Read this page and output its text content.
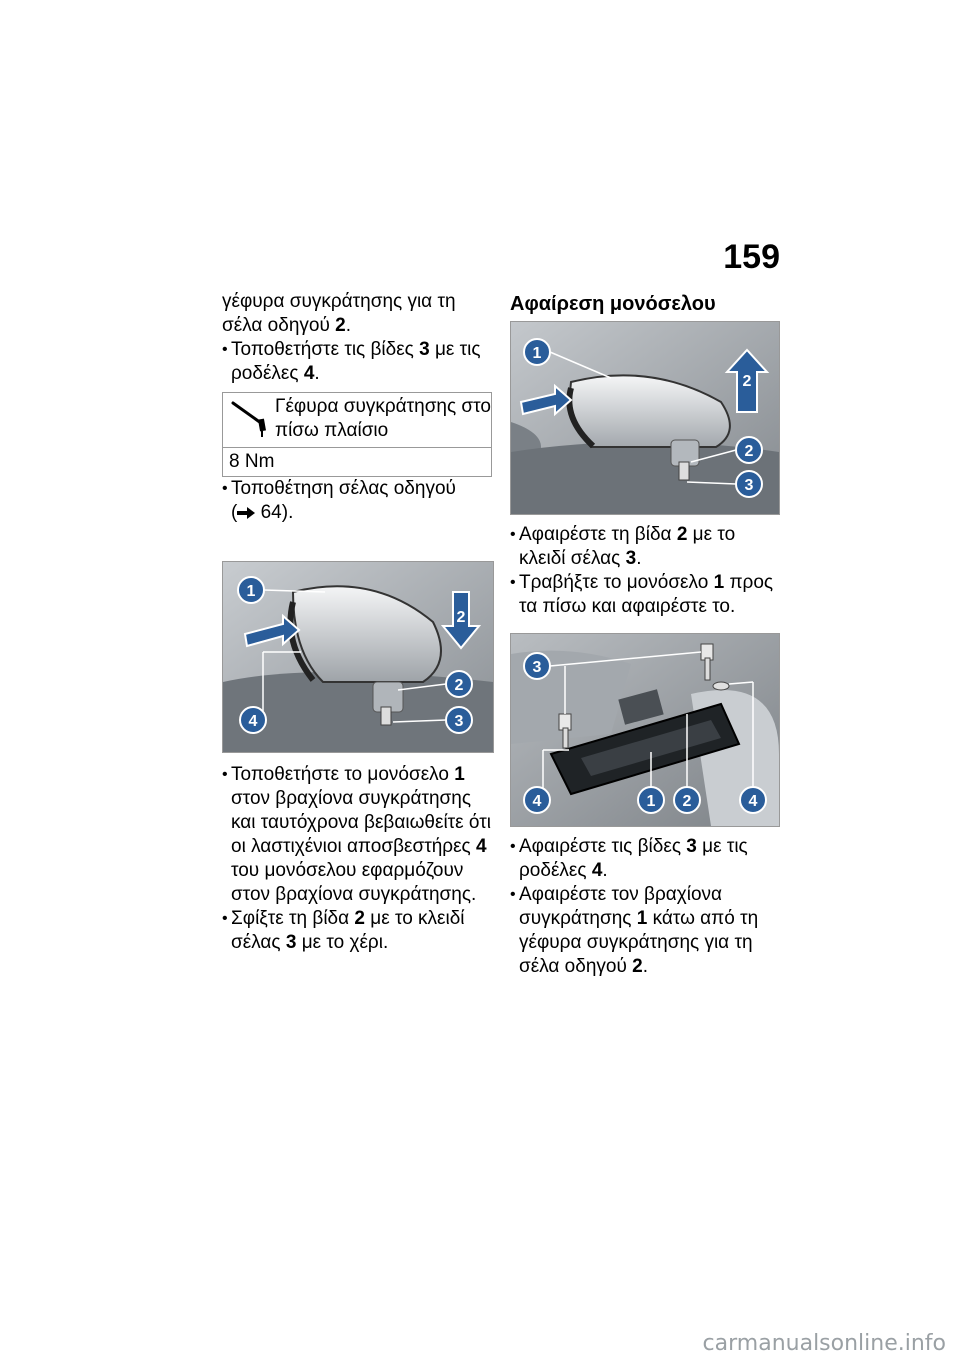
159
γέφυρα συγκράτησης για τη
σέλα οδηγού 2.
• Τοποθετήστε τις βίδες 3 με τις
ροδέλες 4.
Γέφυρα συγκράτησης στο
πίσω πλαίσιο
8 Nm
• Τοποθέτηση σέλας οδηγού
( 64).
1
2
2
4	3
• Τοποθετήστε το μονόσελο 1
στον βραχίονα συγκράτησης
και ταυτόχρονα βεβαιωθείτε ότι
οι λαστιχένιοι αποσβεστήρες 4
του μονόσελου εφαρμόζουν
στον βραχίονα συγκράτησης.
• Σφίξτε τη βίδα 2 με το κλειδί
σέλας 3 με το χέρι.
Αφαίρεση μονόσελου
1
2
2
3
• Αφαιρέστε τη βίδα 2 με το
κλειδί σέλας 3.
• Τραβήξτε το μονόσελο 1 προς
τα πίσω και αφαιρέστε το.
3
4	1 2	4
• Αφαιρέστε τις βίδες 3 με τις
ροδέλες 4.
• Αφαιρέστε τον βραχίονα
συγκράτησης 1 κάτω από τη
γέφυρα συγκράτησης για τη
σέλα οδηγού 2.
carmanualsonline.info
